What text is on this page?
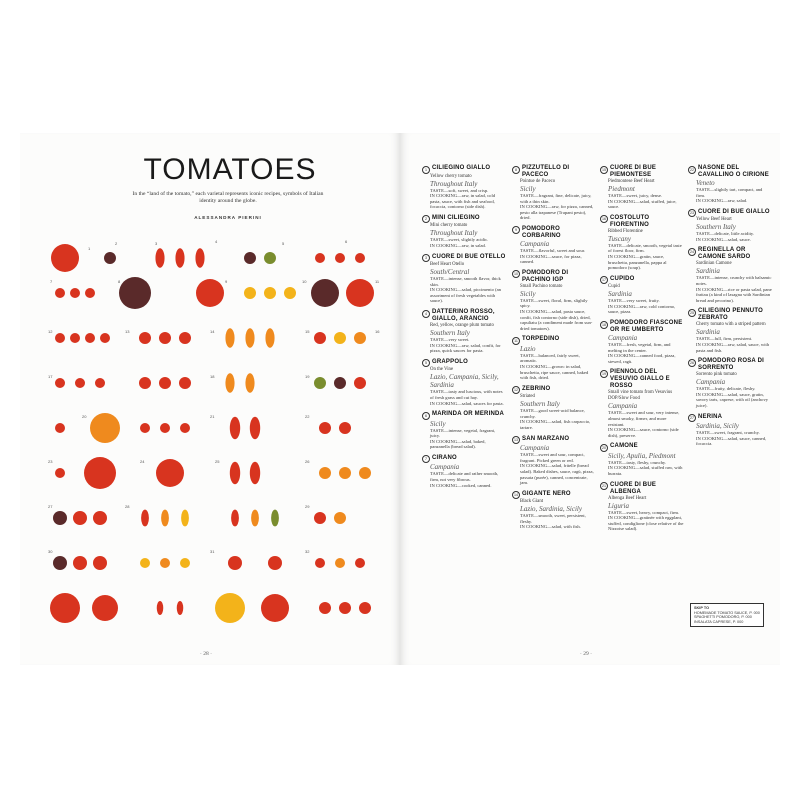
1
2	3	4	5	6
7	8	9	10	11
12	13	14	15	16
17	18	19
20	21	22
23	24	25	26
27	28	29
30	31	32
TOMATOES
In the “land of the tomato,” each varietal represents iconic recipes, symbols of Italian identity around the globe.
ALESSANDRA PIERINI
· 28 ·
1 CILIEGINO GIALLO
Yellow cherry tomato
Throughout Italy
TASTE—soft, sweet, and crisp.
IN COOKING—raw, in salad, cold pasta, sauce, with fish and seafood, focaccia, contorno (side dish).
2 MINI CILIEGINO
Mini cherry tomato
Throughout Italy
TASTE—sweet, slightly acidic.
IN COOKING—raw, in salad.
3 CUORE DI BUE OTELLO
Beef Heart Otello
South/Central
TASTE—intense, smooth flavor, thick skin.
IN COOKING—salad, piccimento (an assortment of fresh vegetables with sauce).
4 DATTERINO ROSSO, GIALLO, ARANCIO
Red, yellow, orange plum tomato
Southern Italy
TASTE—very sweet.
IN COOKING—raw, salad, confit, for pizza, quick sauces for pasta.
5 GRAPPOLO
On the Vine
Lazio, Campania, Sicily, Sardinia
TASTE—tasty and luscious, with notes of fresh grass and cut hay.
IN COOKING—salad, sauces for pasta.
6 MARINDA OR MERINDA
Sicily
TASTE—intense, vegetal, fragrant, juicy.
IN COOKING—salad, baked, panzanella (bread salad).
7 CIRANO
Campania
TASTE—delicate and rather smooth, firm, not very fibrous.
IN COOKING—cooked, canned.
8 PIZZUTELLO DI PACECO
Pointue de Paceco
Sicily
TASTE—fragrant, fine, delicate, juicy, with a thin skin.
IN COOKING—raw, for pizza, canned, pesto alla trapanese (Trapani pesto), dried.
9 POMODORO CORBARINO
Campania
TASTE—flavorful, sweet and sour.
IN COOKING—sauce, for pizza, canned.
10 POMODORO DI PACHINO IGP
Small Pachino tomato
Sicily
TASTE—sweet, floral, firm, slightly spicy.
IN COOKING—salad, pasta sauce, confit, fish contorno (side dish), dried, capuliatu (a condiment made from sun-dried tomatoes).
11 TORPEDINO
Lazio
TASTE—balanced, fairly sweet, aromatic.
IN COOKING—grown: in salad, bruschetta, ripe sauce, canned, baked with fish, dried.
12 ZEBRINO
Striated
Southern Italy
TASTE—good sweet-acid balance, crunchy.
IN COOKING—salad, fish carpaccio, tartare.
13 SAN MARZANO
Campania
TASTE—sweet and sour, compact, fragrant. Picked green or red.
IN COOKING—salad, fritelle (bread salad). Baked dishes, sauce, ragù, pizza, passata (purée), canned, concentrate, jam.
14 GIGANTE NERO
Black Giant
Lazio, Sardinia, Sicily
TASTE—smooth, sweet, persistent, fleshy.
IN COOKING—salad, with fish.
15 CUORE DI BUE PIEMONTESE
Piedmontese Beef Heart
Piedmont
TASTE—sweet, juicy, dense.
IN COOKING—salad, stuffed, juice, sauce.
16 COSTOLUTO FIORENTINO
Ribbed Florentine
Tuscany
TASTE—delicate, smooth, vegetal taste of forest floor, firm.
IN COOKING—gratin, sauce, bruschetta, panzanella, pappa al pomodoro (soup).
17 CUPIDO
Cupid
Sardinia
TASTE—very sweet, fruity.
IN COOKING—raw, cold contorno, sauce, pizza.
18 POMODORO FIASCONE OR RE UMBERTO
Campania
TASTE—fresh, vegetal, firm, and melting in the center.
IN COOKING—canned food, pizza, stewed, ragù.
19 PIENNOLO DEL VESUVIO GIALLO E ROSSO
Small vine tomato from Vesuvius DOP/Slow Food
Campania
TASTE—sweet and sour, very intense, almost smoky, firmer, and more resistant.
IN COOKING—sauce, contorno (side dish), preserve.
20 CAMONE
Sicily, Apulia, Piedmont
TASTE—tasty, fleshy, crunchy.
IN COOKING—salad, stuffed raw, with burrata.
21 CUORE DI BUE ALBENGA
Albenga Beef Heart
Liguria
TASTE—sweet, heavy, compact, firm.
IN COOKING—gratinée with eggplant, stuffed, condiglione (close relative of the Nizzoise salad).
22 NASONE DEL CAVALLINO O CIRIONE
Veneto
TASTE—slightly tart, compact, and firm.
IN COOKING—raw, salad.
23 CUORE DI BUE GIALLO
Yellow Beef Heart
Southern Italy
TASTE—delicate, little acidity.
IN COOKING—salad, sauce.
24 REGINELLA OR CAMONE SARDO
Sardinian Camone
Sardinia
TASTE—intense, crunchy with balsamic notes.
IN COOKING—rice or pasta salad, pane frattau (a kind of lasagna with Sardinian bread and pecorino).
25 CILIEGINO PENNUTO ZEBRATO
Cherry tomato with a striped pattern
Sardinia
TASTE—full, firm, persistent.
IN COOKING—raw, salad, sauce, with pasta and fish.
26 POMODORO ROSA DI SORRENTO
Sorrento pink tomato
Campania
TASTE—fruity, delicate, fleshy.
IN COOKING—salad, sauce, gratin, savory tarts, caprese, with oil (anchovy juice).
27 NERINA
Sardinia, Sicily
TASTE—sweet, fragrant, crunchy.
IN COOKING—salad, sauce, canned, focaccia.
SKIP TO
HOMEMADE TOMATO SAUCE, P. 000
SPAGHETTI POMODORO, P. 000
INSALATA CAPRESE, P. 000
· 29 ·
